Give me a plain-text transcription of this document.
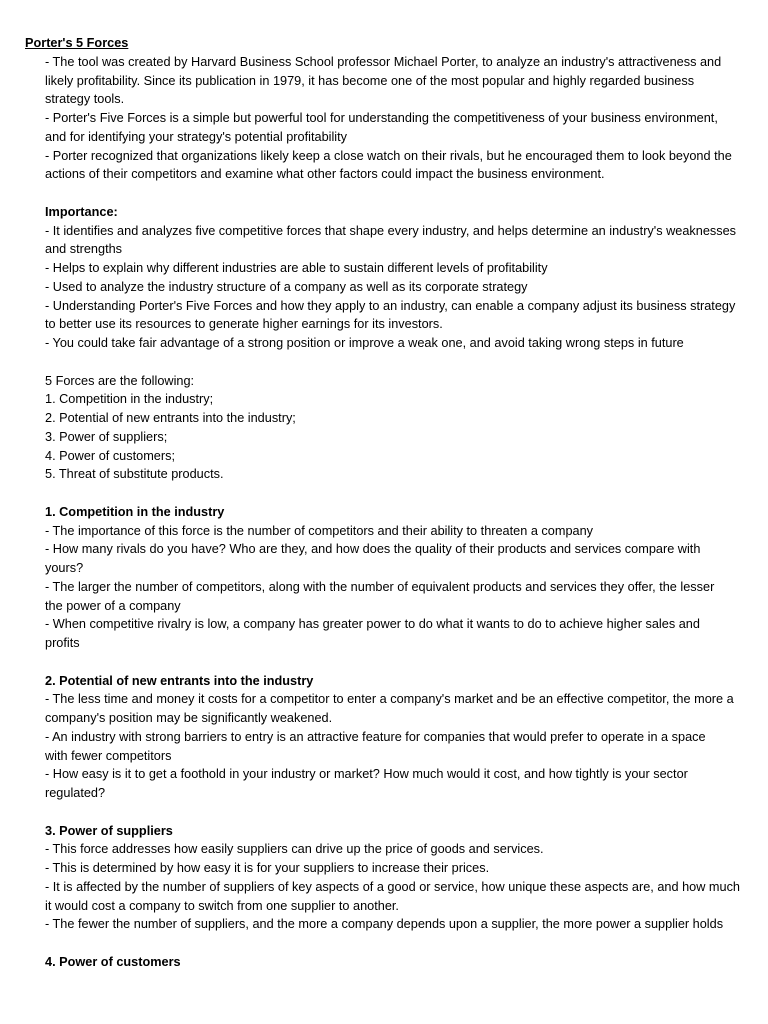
Porter's 5 Forces
- The tool was created by Harvard Business School professor Michael Porter, to analyze an industry's attractiveness and
likely profitability. Since its publication in 1979, it has become one of the most popular and highly regarded business
strategy tools.
- Porter's Five Forces is a simple but powerful tool for understanding the competitiveness of your business environment,
and for identifying your strategy's potential profitability
- Porter recognized that organizations likely keep a close watch on their rivals, but he encouraged them to look beyond the
actions of their competitors and examine what other factors could impact the business environment.
Importance:
- It identifies and analyzes five competitive forces that shape every industry, and helps determine an industry's weaknesses
and strengths
- Helps to explain why different industries are able to sustain different levels of profitability
- Used to analyze the industry structure of a company as well as its corporate strategy
- Understanding Porter's Five Forces and how they apply to an industry, can enable a company adjust its business strategy
to better use its resources to generate higher earnings for its investors.
- You could take fair advantage of a strong position or improve a weak one, and avoid taking wrong steps in future
5 Forces are the following:
1. Competition in the industry;
2. Potential of new entrants into the industry;
3. Power of suppliers;
4. Power of customers;
5. Threat of substitute products.
1. Competition in the industry
- The importance of this force is the number of competitors and their ability to threaten a company
- How many rivals do you have? Who are they, and how does the quality of their products and services compare with
yours?
- The larger the number of competitors, along with the number of equivalent products and services they offer, the lesser
the power of a company
- When competitive rivalry is low, a company has greater power to do what it wants to do to achieve higher sales and
profits
2. Potential of new entrants into the industry
- The less time and money it costs for a competitor to enter a company's market and be an effective competitor, the more a
company's position may be significantly weakened.
- An industry with strong barriers to entry is an attractive feature for companies that would prefer to operate in a space
with fewer competitors
- How easy is it to get a foothold in your industry or market? How much would it cost, and how tightly is your sector
regulated?
3. Power of suppliers
- This force addresses how easily suppliers can drive up the price of goods and services.
- This is determined by how easy it is for your suppliers to increase their prices.
- It is affected by the number of suppliers of key aspects of a good or service, how unique these aspects are, and how much
it would cost a company to switch from one supplier to another.
- The fewer the number of suppliers, and the more a company depends upon a supplier, the more power a supplier holds
4. Power of customers
